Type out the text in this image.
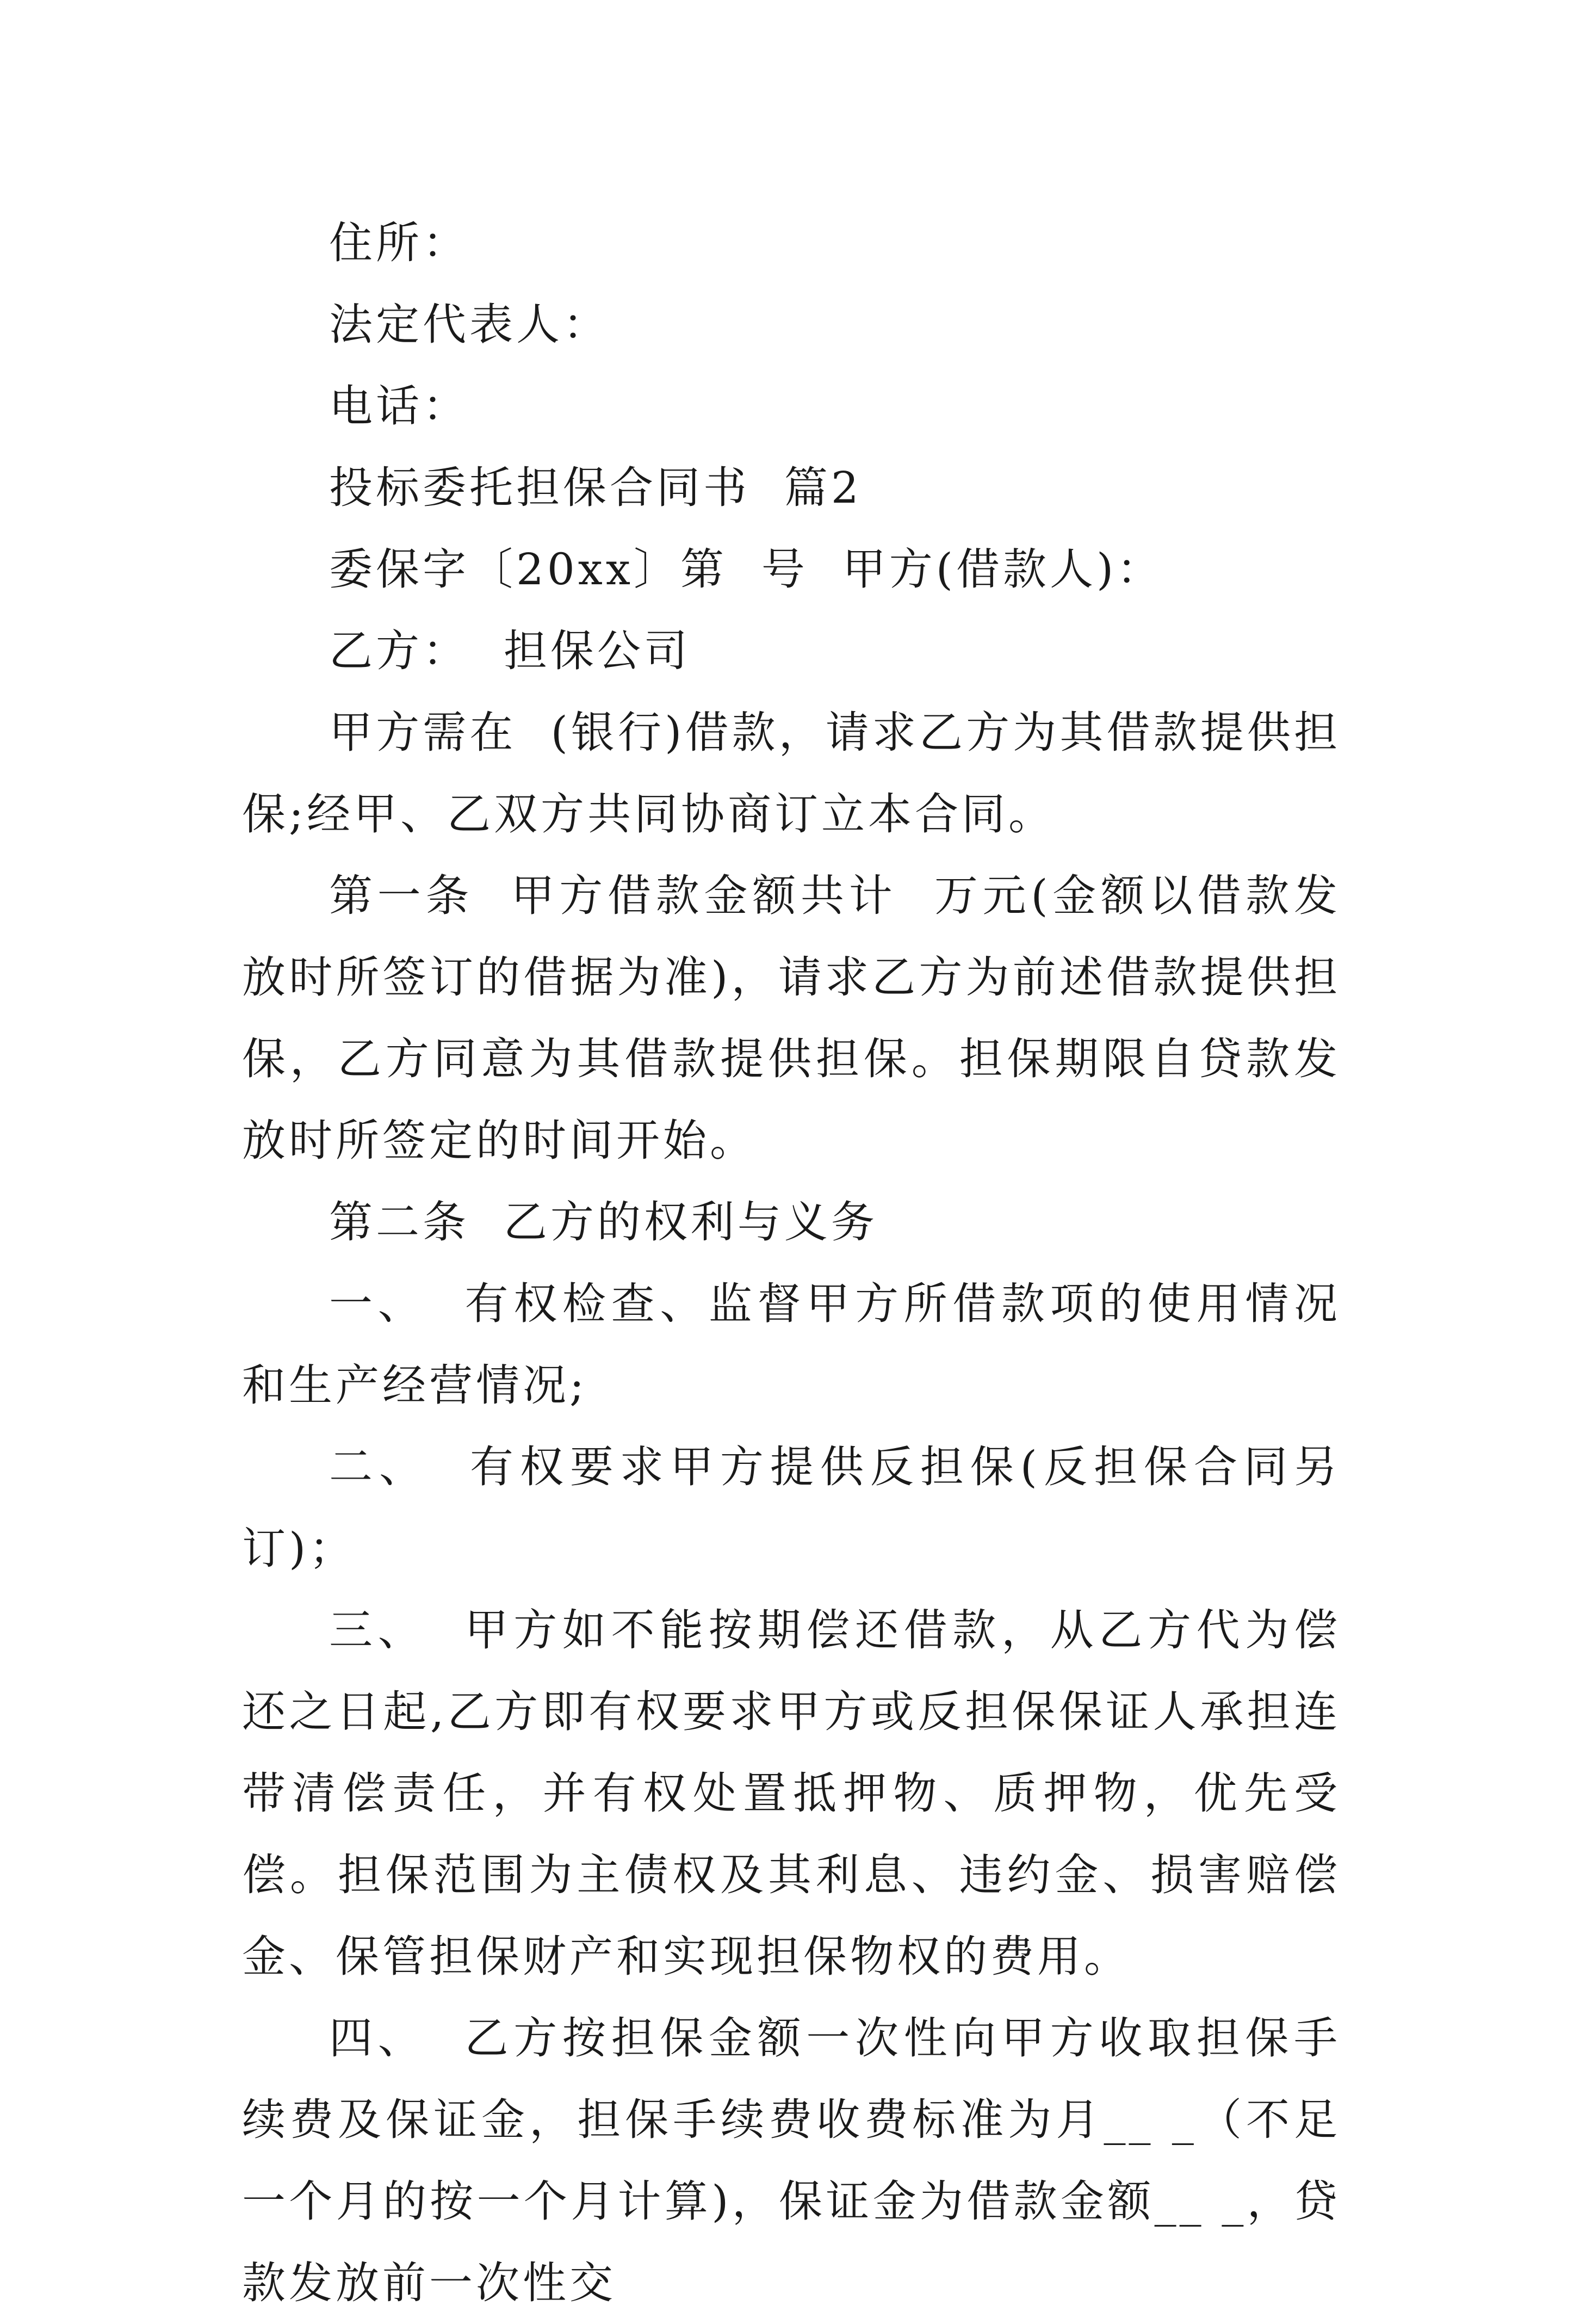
住所：

法定代表人：

电话：

投标委托担保合同书  篇2

委保字〔20xx〕第  号  甲方(借款人)：

乙方：  担保公司

甲方需在  (银行)借款，请求乙方为其借款提供担保;经甲、乙双方共同协商订立本合同。

第一条  甲方借款金额共计  万元(金额以借款发放时所签订的借据为准)，请求乙方为前述借款提供担保，乙方同意为其借款提供担保。担保期限自贷款发放时所签定的时间开始。

第二条  乙方的权利与义务

一、  有权检查、监督甲方所借款项的使用情况和生产经营情况;

二、  有权要求甲方提供反担保(反担保合同另订)；

三、  甲方如不能按期偿还借款，从乙方代为偿还之日起,乙方即有权要求甲方或反担保保证人承担连带清偿责任，并有权处置抵押物、质押物，优先受偿。担保范围为主债权及其利息、违约金、损害赔偿金、保管担保财产和实现担保物权的费用。

四、  乙方按担保金额一次性向甲方收取担保手续费及保证金，担保手续费收费标准为月__ _（不足一个月的按一个月计算)，保证金为借款金额__ _，贷款发放前一次性交
